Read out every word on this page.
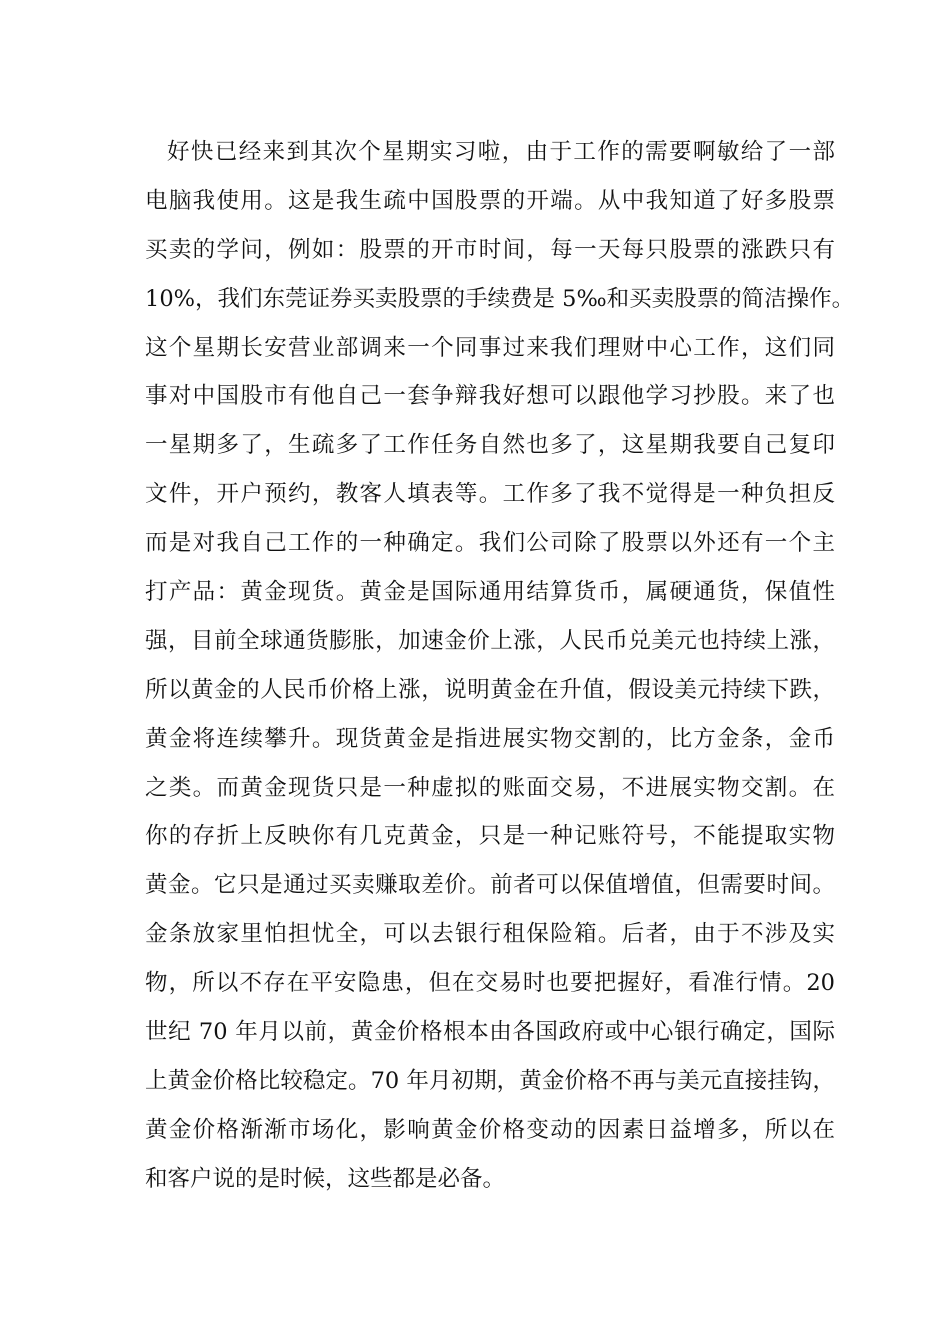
好快已经来到其次个星期实习啦，由于工作的需要啊敏给了一部
电脑我使用。这是我生疏中国股票的开端。从中我知道了好多股票
买卖的学问，例如：股票的开市时间，每一天每只股票的涨跌只有
10%，我们东莞证券买卖股票的手续费是 5‰和买卖股票的简洁操作。
这个星期长安营业部调来一个同事过来我们理财中心工作，这们同
事对中国股市有他自己一套争辩我好想可以跟他学习抄股。来了也
一星期多了，生疏多了工作任务自然也多了，这星期我要自己复印
文件，开户预约，教客人填表等。工作多了我不觉得是一种负担反
而是对我自己工作的一种确定。我们公司除了股票以外还有一个主
打产品：黄金现货。黄金是国际通用结算货币，属硬通货，保值性
强，目前全球通货膨胀，加速金价上涨，人民币兑美元也持续上涨，
所以黄金的人民币价格上涨，说明黄金在升值，假设美元持续下跌，
黄金将连续攀升。现货黄金是指进展实物交割的，比方金条，金币
之类。而黄金现货只是一种虚拟的账面交易，不进展实物交割。在
你的存折上反映你有几克黄金，只是一种记账符号，不能提取实物
黄金。它只是通过买卖赚取差价。前者可以保值增值，但需要时间。
金条放家里怕担忧全，可以去银行租保险箱。后者，由于不涉及实
物，所以不存在平安隐患，但在交易时也要把握好，看准行情。20
世纪 70 年月以前，黄金价格根本由各国政府或中心银行确定，国际
上黄金价格比较稳定。70 年月初期，黄金价格不再与美元直接挂钩，
黄金价格渐渐市场化，影响黄金价格变动的因素日益增多，所以在
和客户说的是时候，这些都是必备。
